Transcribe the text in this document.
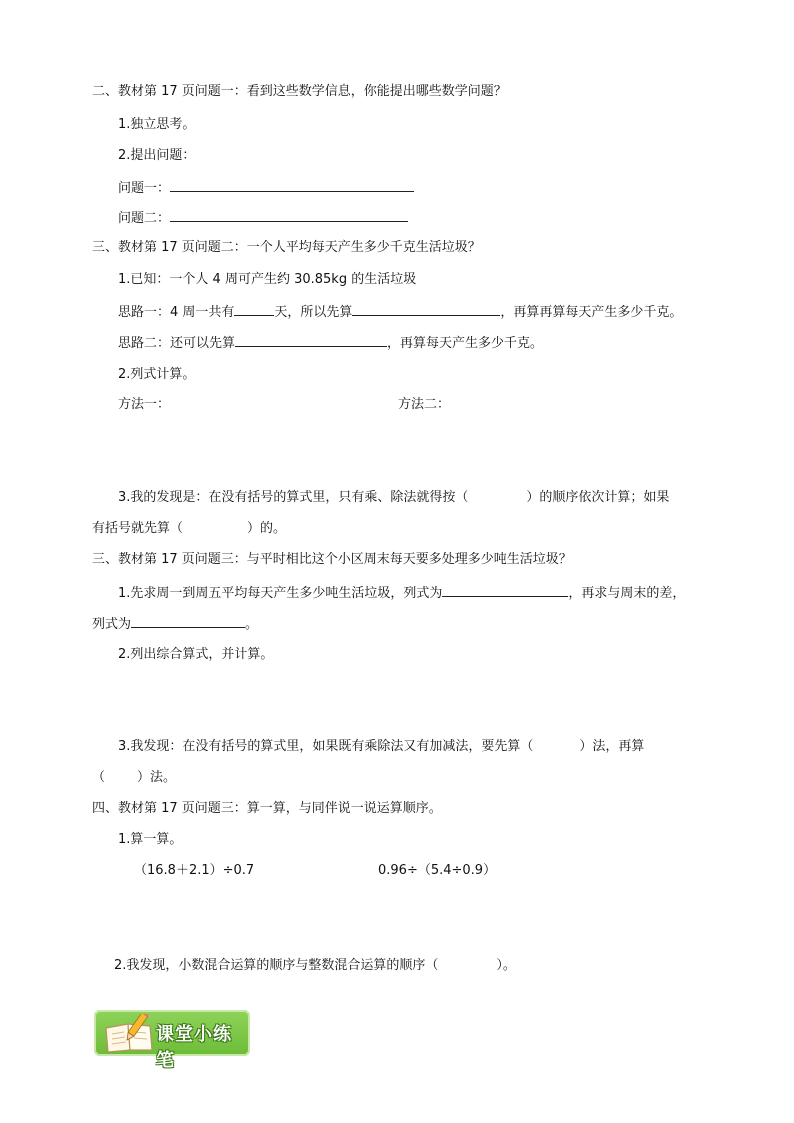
二、教材第 17 页问题一：看到这些数学信息，你能提出哪些数学问题？
1.独立思考。
2.提出问题：
问题一：
问题二：
三、教材第 17 页问题二：一个人平均每天产生多少千克生活垃圾？
1.已知：一个人 4 周可产生约 30.85kg 的生活垃圾
思路一：4 周一共有	天，所以先算	，再算再算每天产生多少千克。
思路二：还可以先算	，再算每天产生多少千克。
2.列式计算。
方法一：	方法二：
3.我的发现是：在没有括号的算式里，只有乘、除法就得按（	）的顺序依次计算；如果
有括号就先算（	）的。
三、教材第 17 页问题三：与平时相比这个小区周末每天要多处理多少吨生活垃圾？
1.先求周一到周五平均每天产生多少吨生活垃圾，列式为	，再求与周末的差，
列式为	。
2.列出综合算式，并计算。
3.我发现：在没有括号的算式里，如果既有乘除法又有加减法，要先算（	）法，再算
（ ）法。
四、教材第 17 页问题三：算一算，与同伴说一说运算顺序。
1.算一算。
（16.8＋2.1）÷0.7	0.96÷（5.4÷0.9）
2.我发现，小数混合运算的顺序与整数混合运算的顺序（	）。
课堂小练笔
